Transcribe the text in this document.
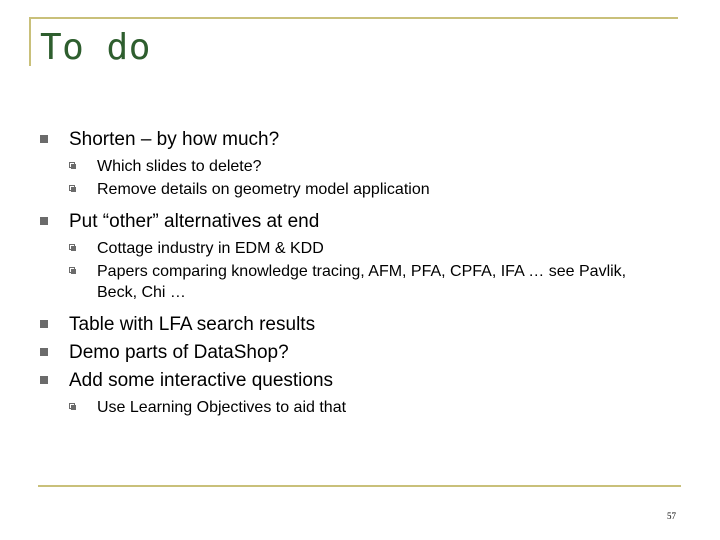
To do
Shorten – by how much?
Which slides to delete?
Remove details on geometry model application
Put “other” alternatives at end
Cottage industry in EDM & KDD
Papers comparing knowledge tracing, AFM, PFA, CPFA, IFA … see Pavlik, Beck, Chi …
Table with LFA search results
Demo parts of DataShop?
Add some interactive questions
Use Learning Objectives to aid that
57
